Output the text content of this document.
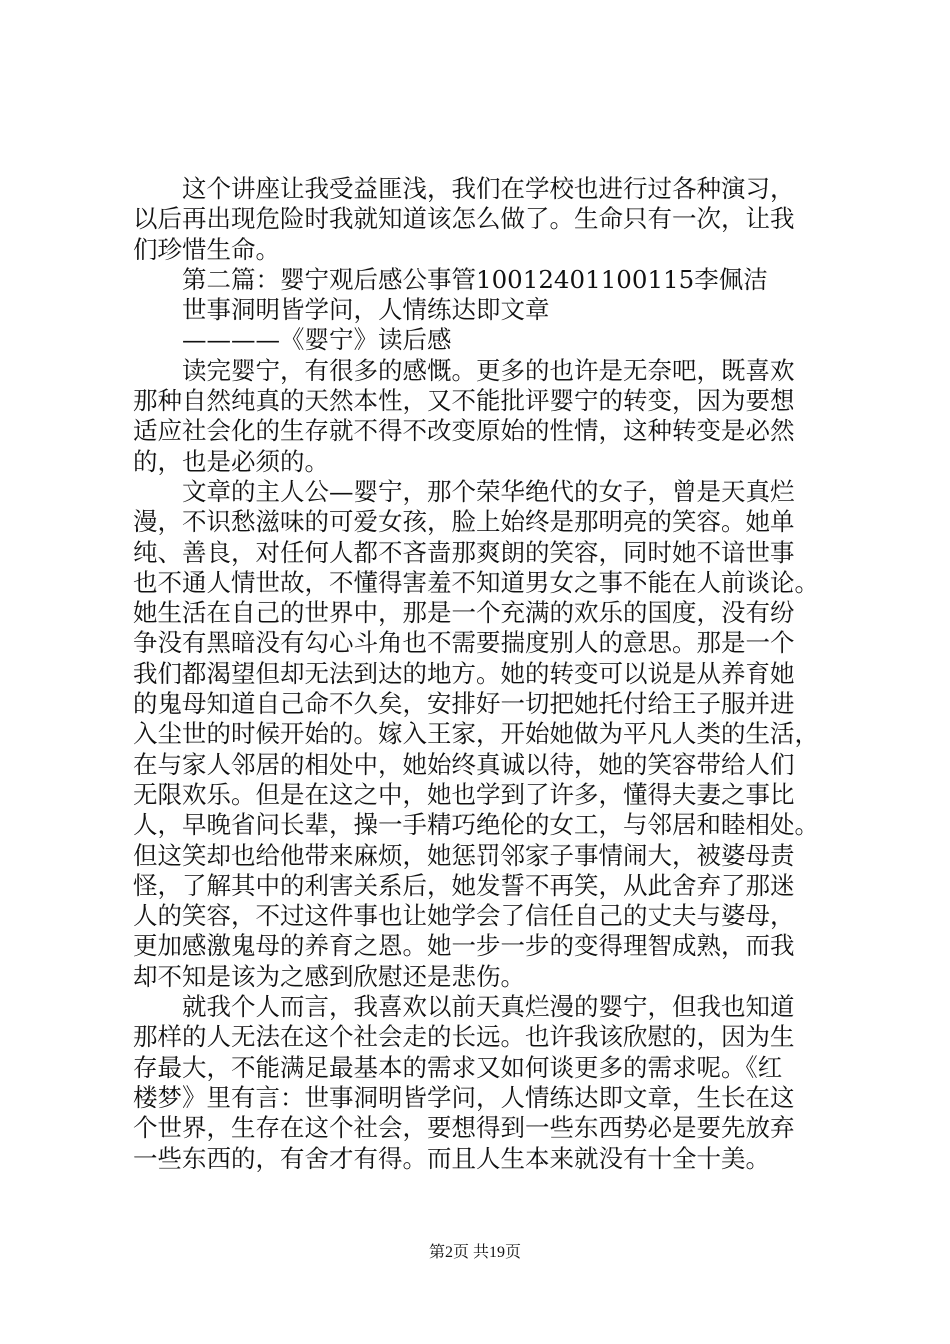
这个讲座让我受益匪浅，我们在学校也进行过各种演习，
以后再出现危险时我就知道该怎么做了。生命只有一次，让我
们珍惜生命。
第二篇：婴宁观后感公事管10012401100115李佩洁
世事洞明皆学问，人情练达即文章
————《婴宁》读后感
读完婴宁，有很多的感慨。更多的也许是无奈吧，既喜欢
那种自然纯真的天然本性，又不能批评婴宁的转变，因为要想
适应社会化的生存就不得不改变原始的性情，这种转变是必然
的，也是必须的。
文章的主人公—婴宁，那个荣华绝代的女子，曾是天真烂
漫，不识愁滋味的可爱女孩，脸上始终是那明亮的笑容。她单
纯、善良，对任何人都不吝啬那爽朗的笑容，同时她不谙世事
也不通人情世故，不懂得害羞不知道男女之事不能在人前谈论。
她生活在自己的世界中，那是一个充满的欢乐的国度，没有纷
争没有黑暗没有勾心斗角也不需要揣度别人的意思。那是一个
我们都渴望但却无法到达的地方。她的转变可以说是从养育她
的鬼母知道自己命不久矣，安排好一切把她托付给王子服并进
入尘世的时候开始的。嫁入王家，开始她做为平凡人类的生活，
在与家人邻居的相处中，她始终真诚以待，她的笑容带给人们
无限欢乐。但是在这之中，她也学到了许多，懂得夫妻之事比
人，早晚省问长辈，操一手精巧绝伦的女工，与邻居和睦相处。
但这笑却也给他带来麻烦，她惩罚邻家子事情闹大，被婆母责
怪，了解其中的利害关系后，她发誓不再笑，从此舍弃了那迷
人的笑容，不过这件事也让她学会了信任自己的丈夫与婆母，
更加感激鬼母的养育之恩。她一步一步的变得理智成熟，而我
却不知是该为之感到欣慰还是悲伤。
就我个人而言，我喜欢以前天真烂漫的婴宁，但我也知道
那样的人无法在这个社会走的长远。也许我该欣慰的，因为生
存最大，不能满足最基本的需求又如何谈更多的需求呢。《红
楼梦》里有言：世事洞明皆学问，人情练达即文章，生长在这
个世界，生存在这个社会，要想得到一些东西势必是要先放弃
一些东西的，有舍才有得。而且人生本来就没有十全十美。
第2页 共19页
